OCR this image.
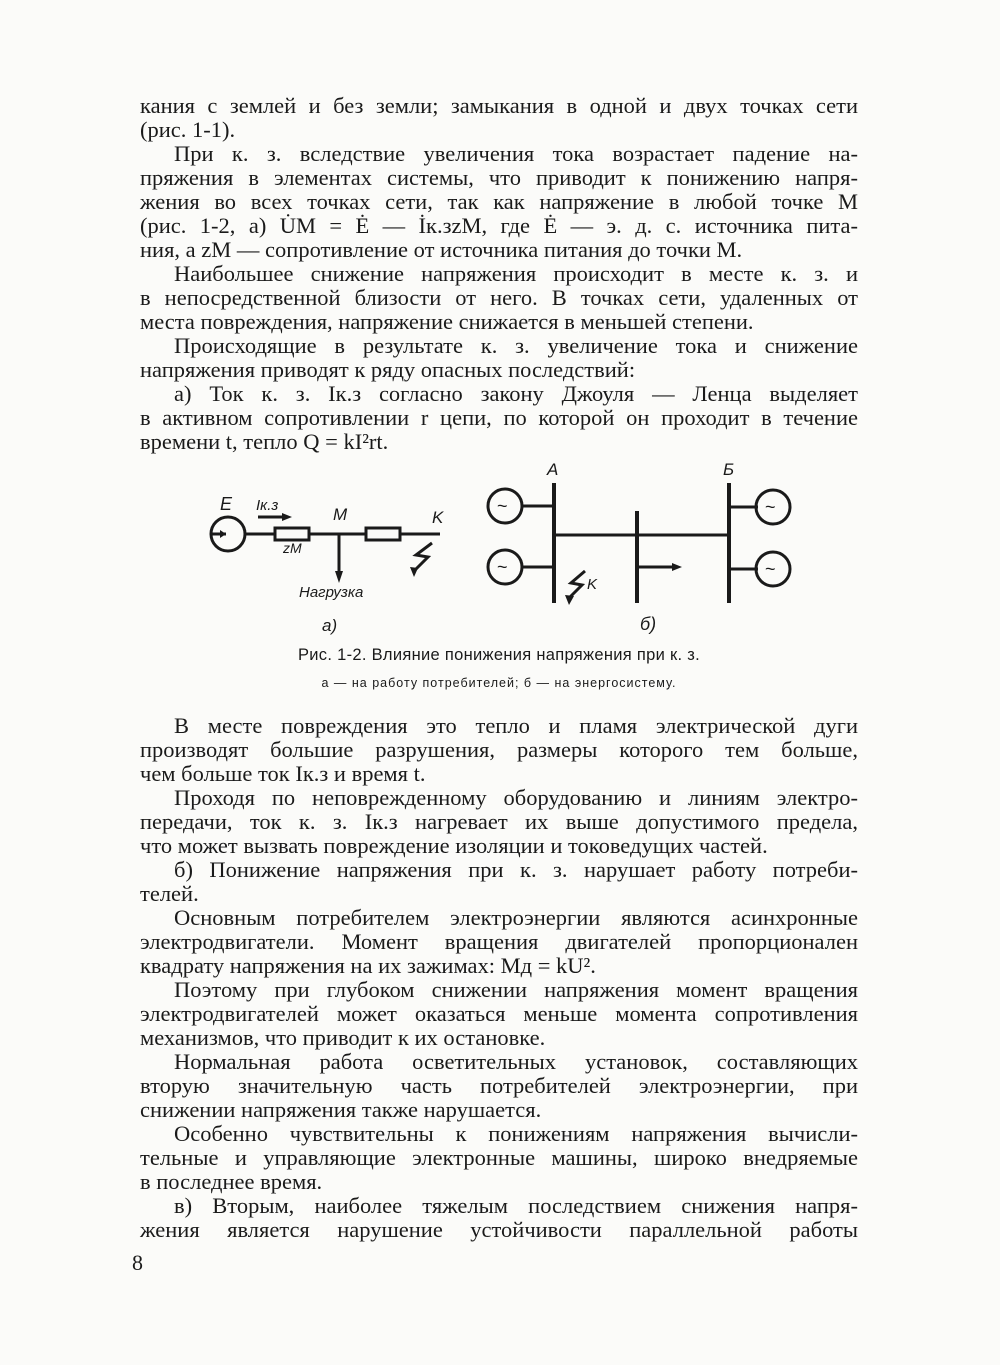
кания с землей и без земли; замыкания в одной и двух точках сети

(рис. 1-1).

При к. з. вследствие увеличения тока возрастает падение на-

пряжения в элементах системы, что приводит к понижению напря-

жения во всех точках сети, так как напряжение в любой точке M

(рис. 1-2, а) U̇M = Ė — İк.зzM, где Ė — э. д. с. источника пита-

ния, а zM — сопротивление от источника питания до точки M.

Наибольшее снижение напряжения происходит в месте к. з. и

в непосредственной близости от него. В точках сети, удаленных от

места повреждения, напряжение снижается в меньшей степени.

Происходящие в результате к. з. увеличение тока и снижение

напряжения приводят к ряду опасных последствий:

а) Ток к. з. Iк.з согласно закону Джоуля — Ленца выделяет

в активном сопротивлении r цепи, по которой он проходит в течение

времени t, тепло Q = kI²rt.

E Iк.з	M	K
zM
Нагрузка
а)
~
~
~
~
A	Б
K
б)
Рис. 1-2. Влияние понижения напряжения при к. з.
а — на работу потребителей; б — на энергосистему.

В месте повреждения это тепло и пламя электрической дуги

производят большие разрушения, размеры которого тем больше,

чем больше ток Iк.з и время t.

Проходя по неповрежденному оборудованию и линиям электро-

передачи, ток к. з. Iк.з нагревает их выше допустимого предела,

что может вызвать повреждение изоляции и токоведущих частей.

б) Понижение напряжения при к. з. нарушает работу потреби-

телей.

Основным потребителем электроэнергии являются асинхронные

электродвигатели. Момент вращения двигателей пропорционален

квадрату напряжения на их зажимах: Mд = kU².

Поэтому при глубоком снижении напряжения момент вращения

электродвигателей может оказаться меньше момента сопротивления

механизмов, что приводит к их остановке.

Нормальная работа осветительных установок, составляющих

вторую значительную часть потребителей электроэнергии, при

снижении напряжения также нарушается.

Особенно чувствительны к понижениям напряжения вычисли-

тельные и управляющие электронные машины, широко внедряемые

в последнее время.

в) Вторым, наиболее тяжелым последствием снижения напря-

жения является нарушение устойчивости параллельной работы

8
